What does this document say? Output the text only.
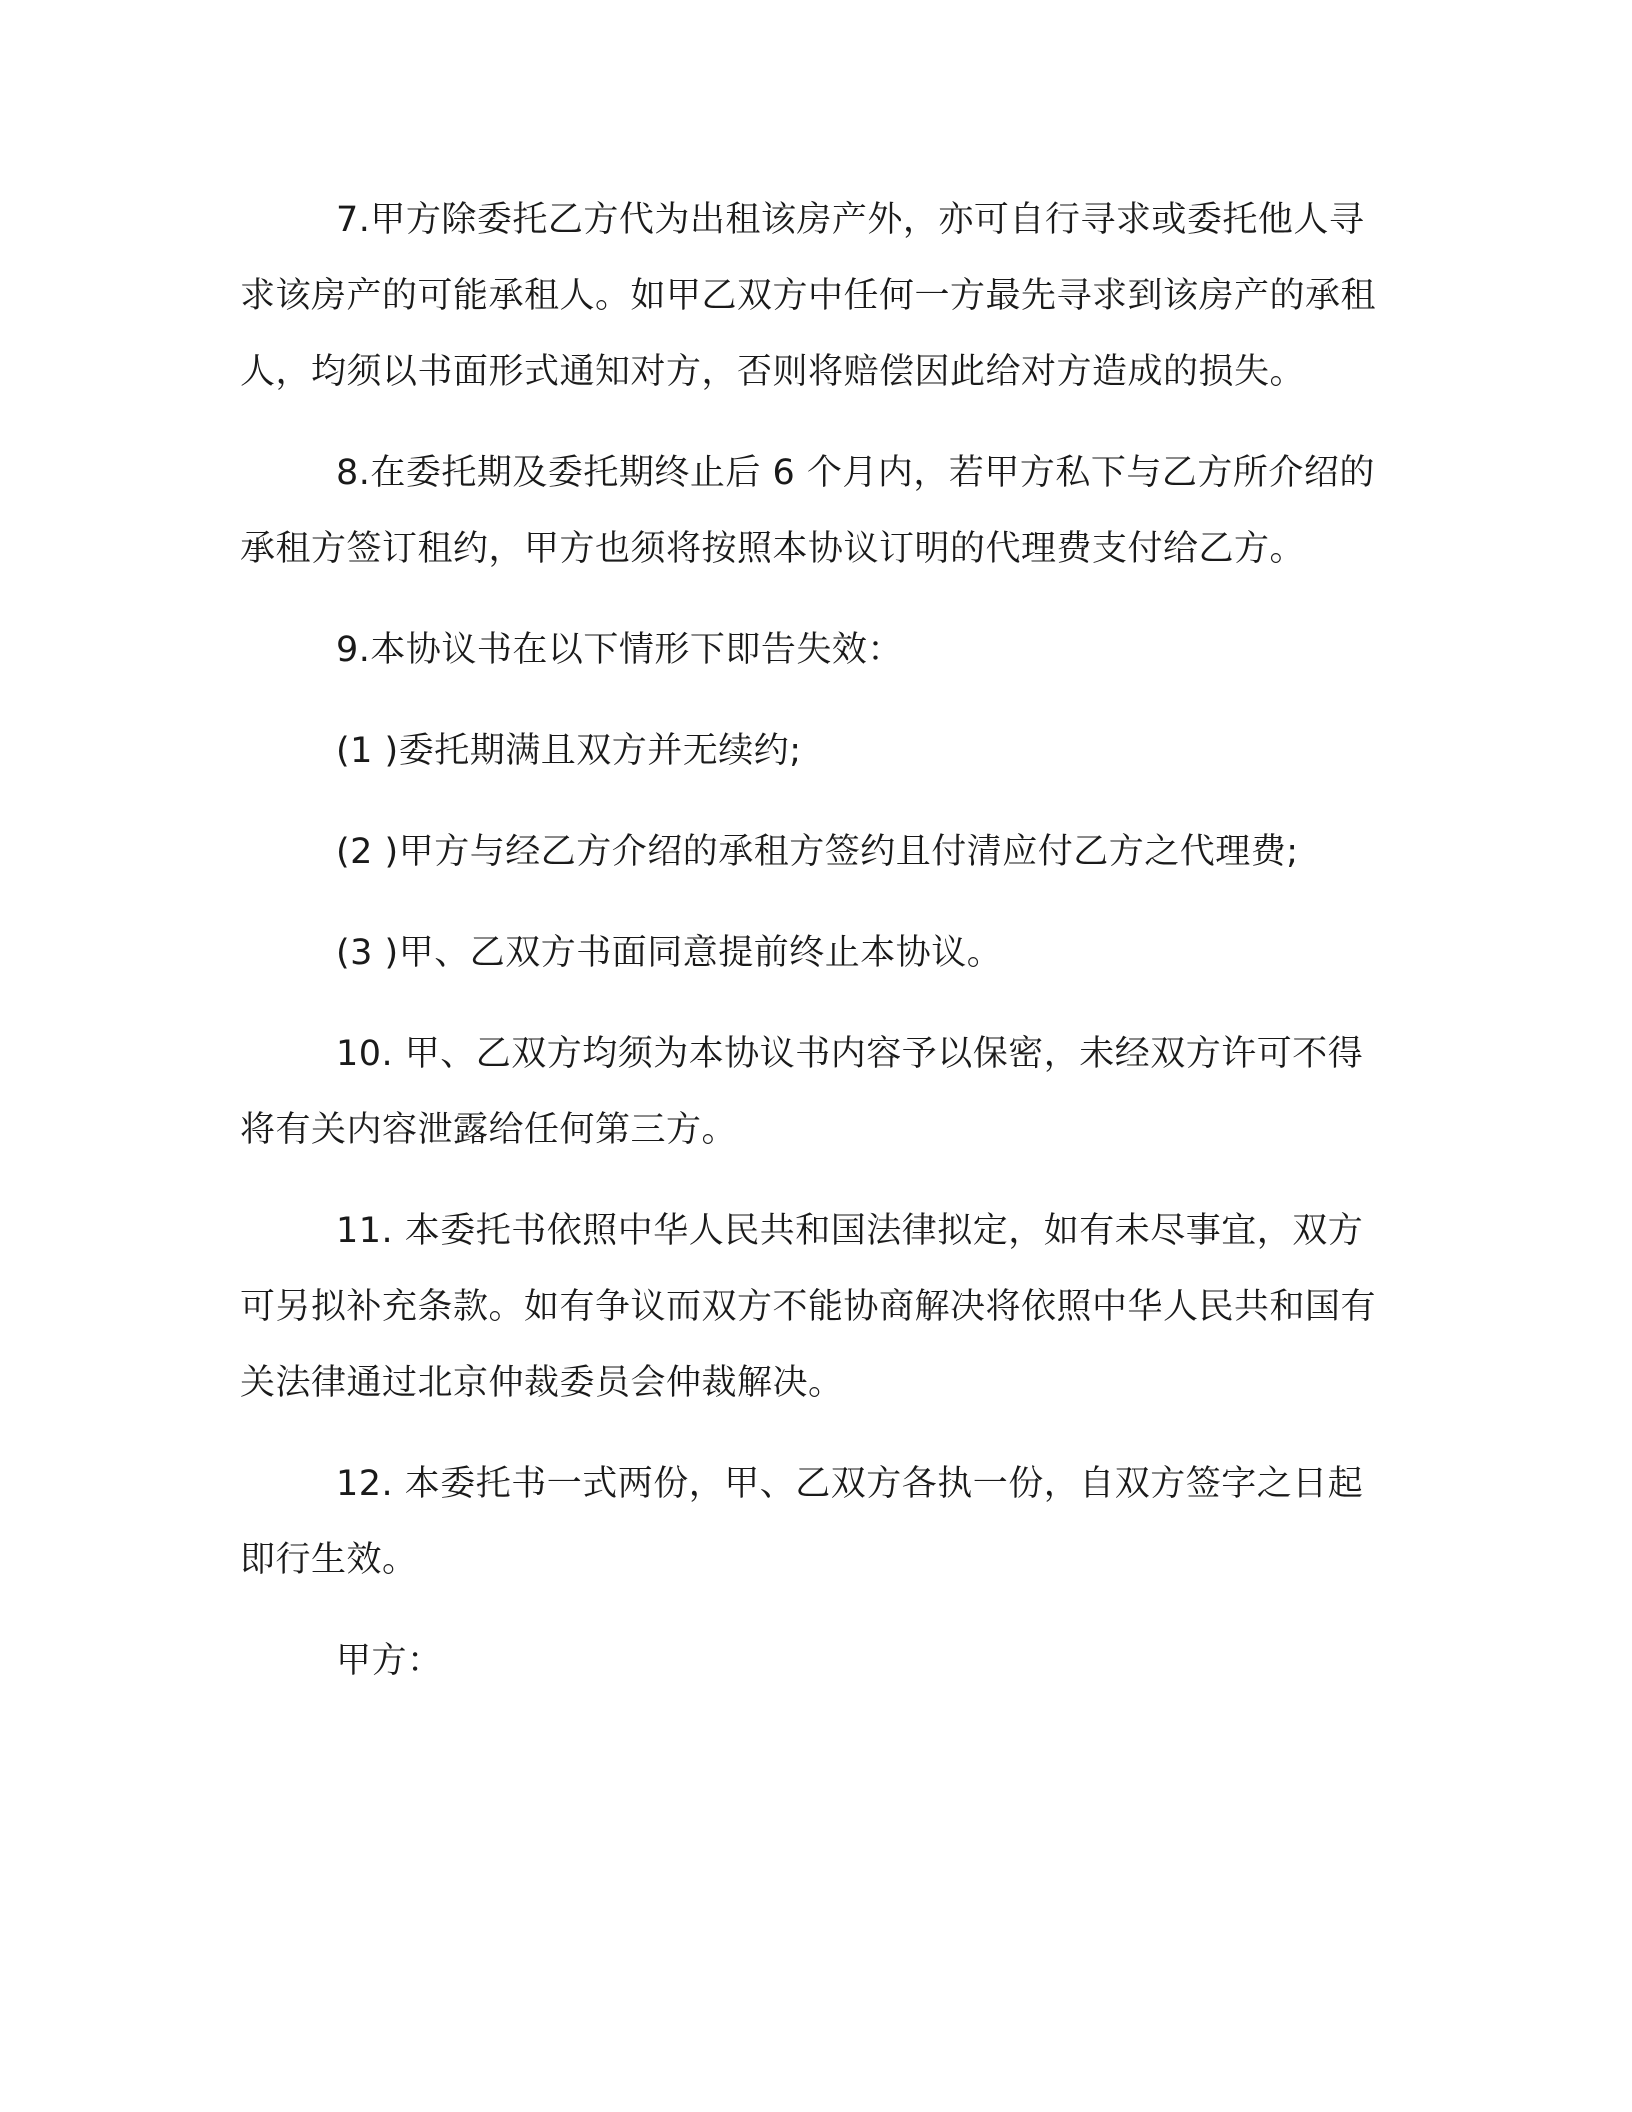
7.甲方除委托乙方代为出租该房产外，亦可自行寻求或委托他人寻求该房产的可能承租人。如甲乙双方中任何一方最先寻求到该房产的承租人，均须以书面形式通知对方，否则将赔偿因此给对方造成的损失。

8.在委托期及委托期终止后 6 个月内，若甲方私下与乙方所介绍的承租方签订租约，甲方也须将按照本协议订明的代理费支付给乙方。

9.本协议书在以下情形下即告失效：

(1 )委托期满且双方并无续约;

(2 )甲方与经乙方介绍的承租方签约且付清应付乙方之代理费;

(3 )甲、乙双方书面同意提前终止本协议。

10. 甲、乙双方均须为本协议书内容予以保密，未经双方许可不得将有关内容泄露给任何第三方。

11. 本委托书依照中华人民共和国法律拟定，如有未尽事宜，双方可另拟补充条款。如有争议而双方不能协商解决将依照中华人民共和国有关法律通过北京仲裁委员会仲裁解决。

12. 本委托书一式两份，甲、乙双方各执一份，自双方签字之日起即行生效。

甲方：
